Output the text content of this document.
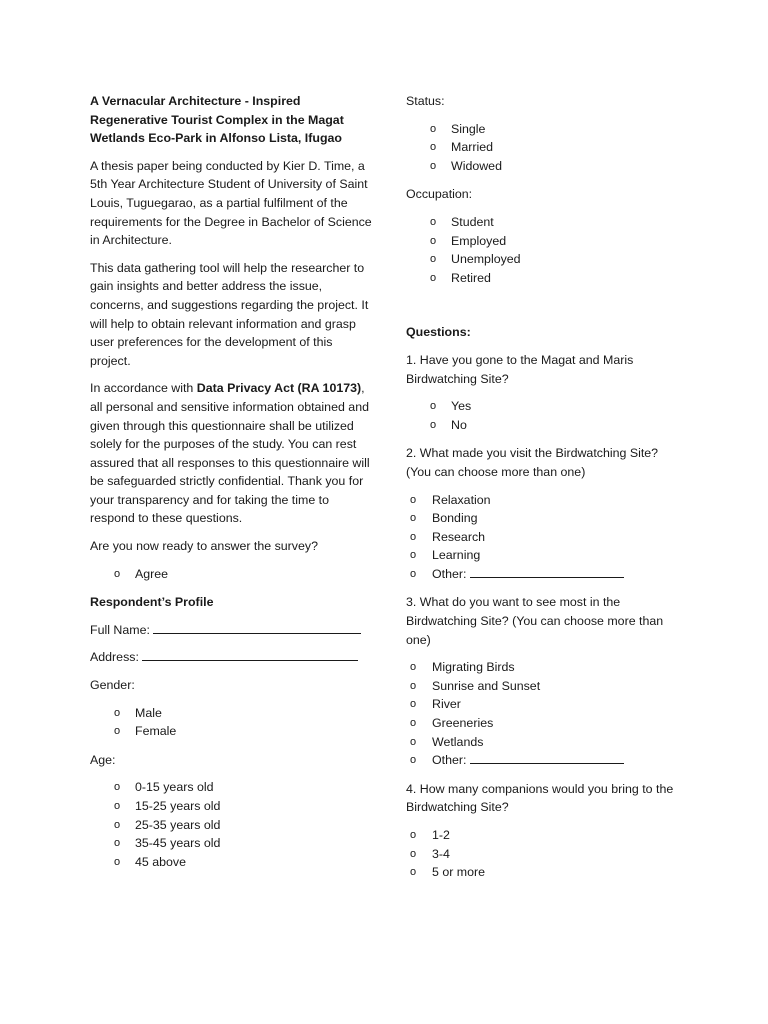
A Vernacular Architecture - Inspired Regenerative Tourist Complex in the Magat Wetlands Eco-Park in Alfonso Lista, Ifugao

A thesis paper being conducted by Kier D. Time, a 5th Year Architecture Student of University of Saint Louis, Tuguegarao, as a partial fulfilment of the requirements for the Degree in Bachelor of Science in Architecture.

This data gathering tool will help the researcher to gain insights and better address the issue, concerns, and suggestions regarding the project. It will help to obtain relevant information and grasp user preferences for the development of this project.

In accordance with Data Privacy Act (RA 10173), all personal and sensitive information obtained and given through this questionnaire shall be utilized solely for the purposes of the study. You can rest assured that all responses to this questionnaire will be safeguarded strictly confidential. Thank you for your transparency and for taking the time to respond to these questions.

Are you now ready to answer the survey?

o Agree

Respondent’s Profile

Full Name:

Address:

Gender:

o Male
o Female

Age:

o 0-15 years old
o 15-25 years old
o 25-35 years old
o 35-45 years old
o 45 above

Status:

o Single
o Married
o Widowed

Occupation:

o Student
o Employed
o Unemployed
o Retired

Questions:

1. Have you gone to the Magat and Maris Birdwatching Site?

o Yes
o No

2. What made you visit the Birdwatching Site? (You can choose more than one)

o Relaxation
o Bonding
o Research
o Learning
o Other:

3. What do you want to see most in the Birdwatching Site? (You can choose more than one)

o Migrating Birds
o Sunrise and Sunset
o River
o Greeneries
o Wetlands
o Other:

4. How many companions would you bring to the Birdwatching Site?

o 1-2
o 3-4
o 5 or more
